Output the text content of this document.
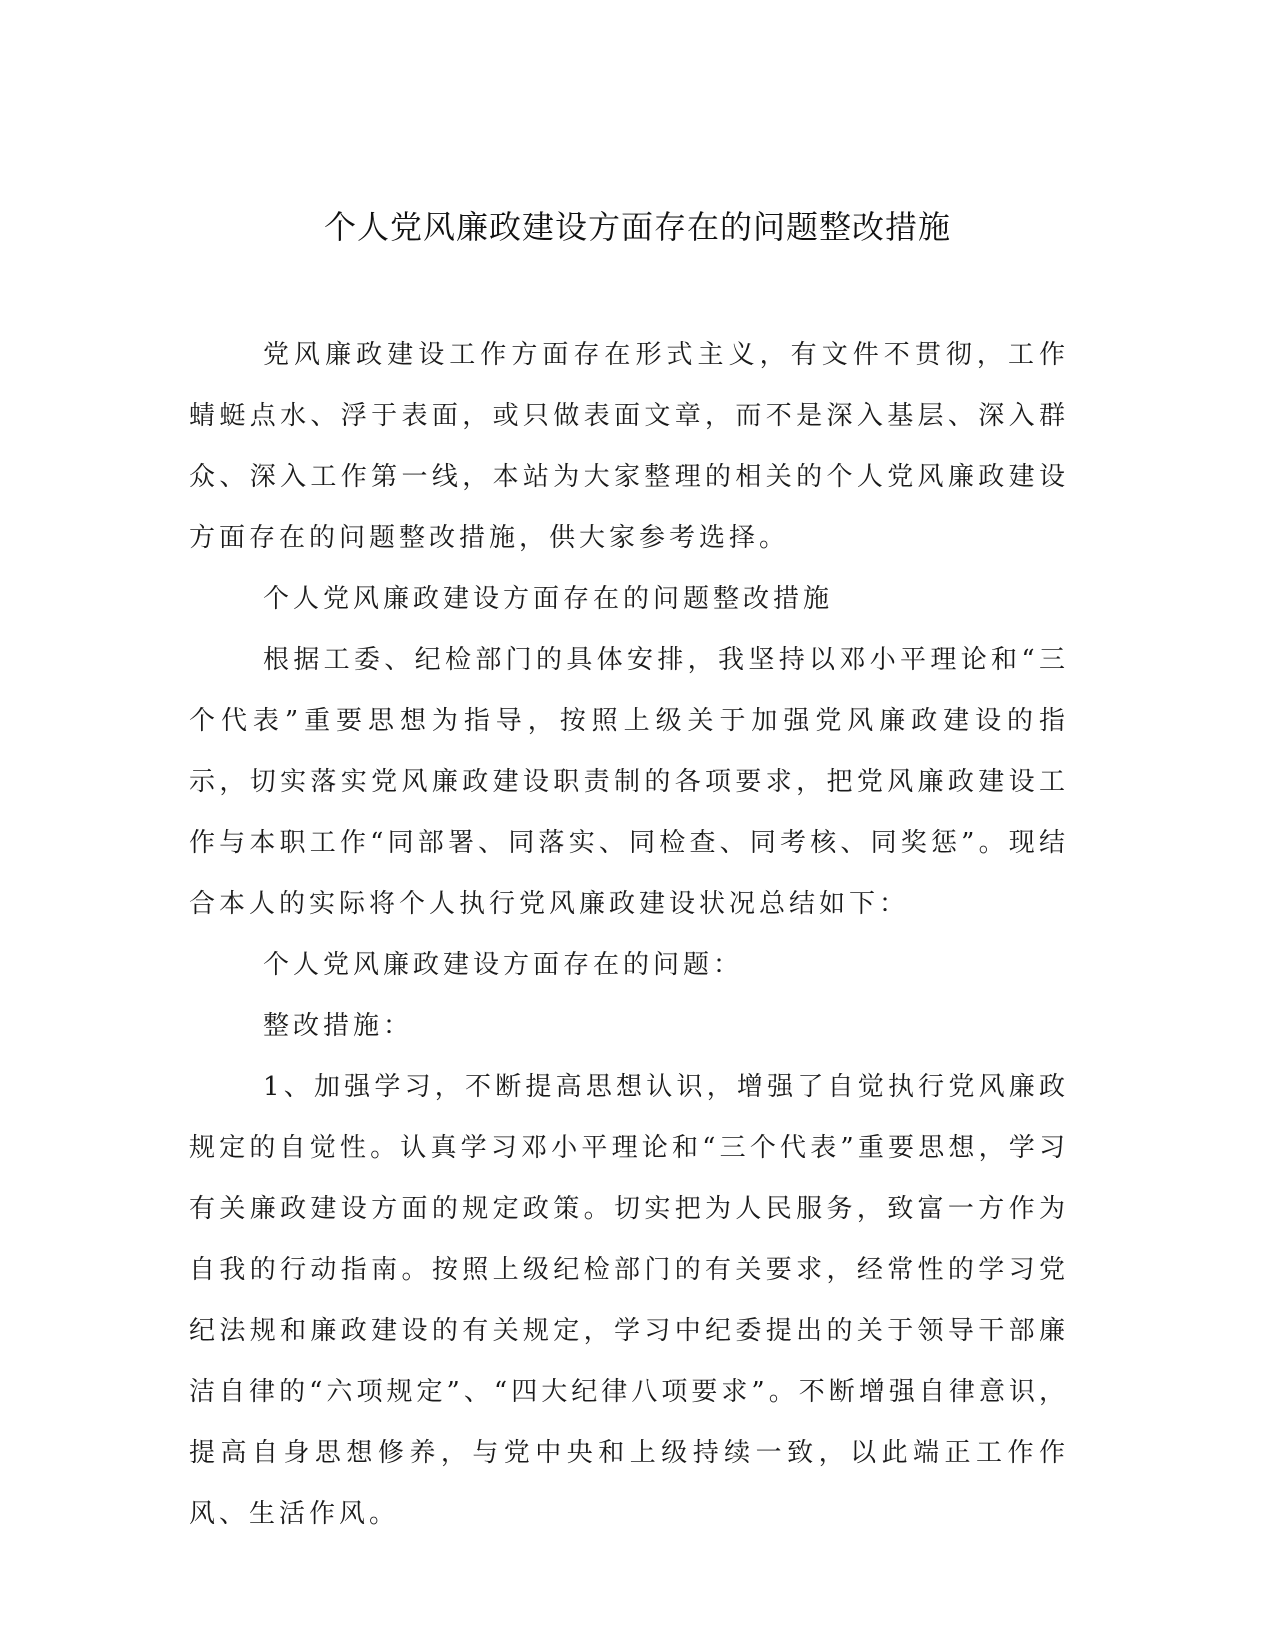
个人党风廉政建设方面存在的问题整改措施

党风廉政建设工作方面存在形式主义，有文件不贯彻，工作蜻蜓点水、浮于表面，或只做表面文章，而不是深入基层、深入群众、深入工作第一线，本站为大家整理的相关的个人党风廉政建设方面存在的问题整改措施，供大家参考选择。

个人党风廉政建设方面存在的问题整改措施

根据工委、纪检部门的具体安排，我坚持以邓小平理论和“三个代表”重要思想为指导，按照上级关于加强党风廉政建设的指示，切实落实党风廉政建设职责制的各项要求，把党风廉政建设工作与本职工作“同部署、同落实、同检查、同考核、同奖惩”。现结合本人的实际将个人执行党风廉政建设状况总结如下：

个人党风廉政建设方面存在的问题：

整改措施：

1、加强学习，不断提高思想认识，增强了自觉执行党风廉政规定的自觉性。认真学习邓小平理论和“三个代表”重要思想，学习有关廉政建设方面的规定政策。切实把为人民服务，致富一方作为自我的行动指南。按照上级纪检部门的有关要求，经常性的学习党纪法规和廉政建设的有关规定，学习中纪委提出的关于领导干部廉洁自律的“六项规定”、“四大纪律八项要求”。不断增强自律意识，提高自身思想修养，与党中央和上级持续一致，以此端正工作作风、生活作风。
